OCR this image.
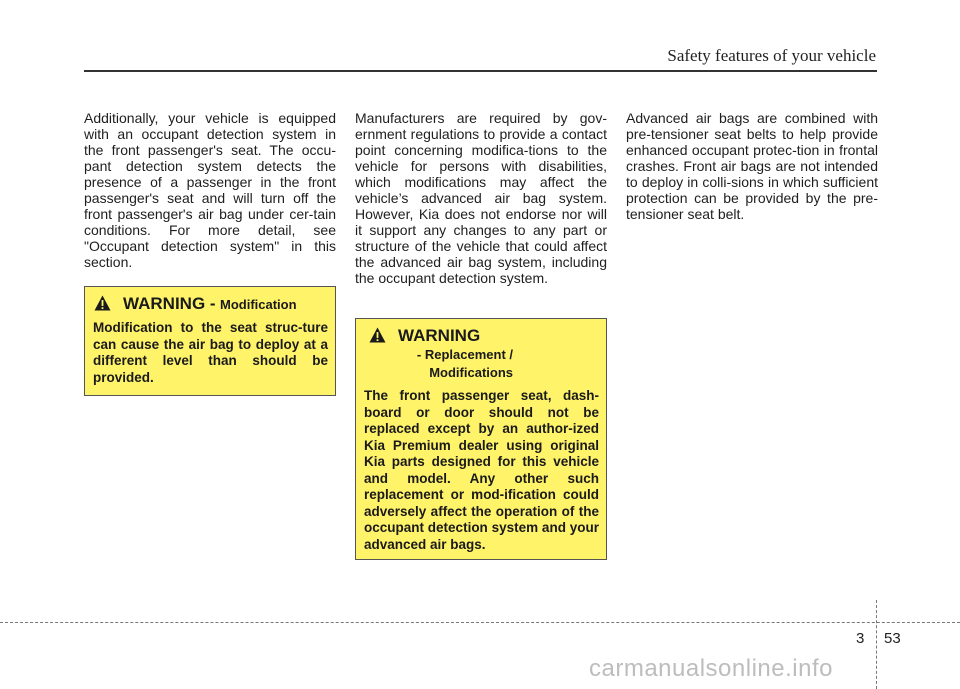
Safety features of your vehicle

Additionally, your vehicle is equipped with an occupant detection system in the front passenger's seat. The occu-pant detection system detects the presence of a passenger in the front passenger's seat and will turn off the front passenger's air bag under cer-tain conditions. For more detail, see "Occupant detection system" in this section.

WARNING - Modification
Modification to the seat struc-ture can cause the air bag to deploy at a different level than should be provided.

Manufacturers are required by gov-ernment regulations to provide a contact point concerning modifica-tions to the vehicle for persons with disabilities, which modifications may affect the vehicle’s advanced air bag system. However, Kia does not endorse nor will it support any changes to any part or structure of the vehicle that could affect the advanced air bag system, including the occupant detection system.

WARNING - Replacement / Modifications
The front passenger seat, dash-board or door should not be replaced except by an author-ized Kia Premium dealer using original Kia parts designed for this vehicle and model. Any other such replacement or mod-ification could adversely affect the operation of the occupant detection system and your advanced air bags.

Advanced air bags are combined with pre-tensioner seat belts to help provide enhanced occupant protec-tion in frontal crashes. Front air bags are not intended to deploy in colli-sions in which sufficient protection can be provided by the pre-tensioner seat belt.

3 53
carmanualsonline.info
